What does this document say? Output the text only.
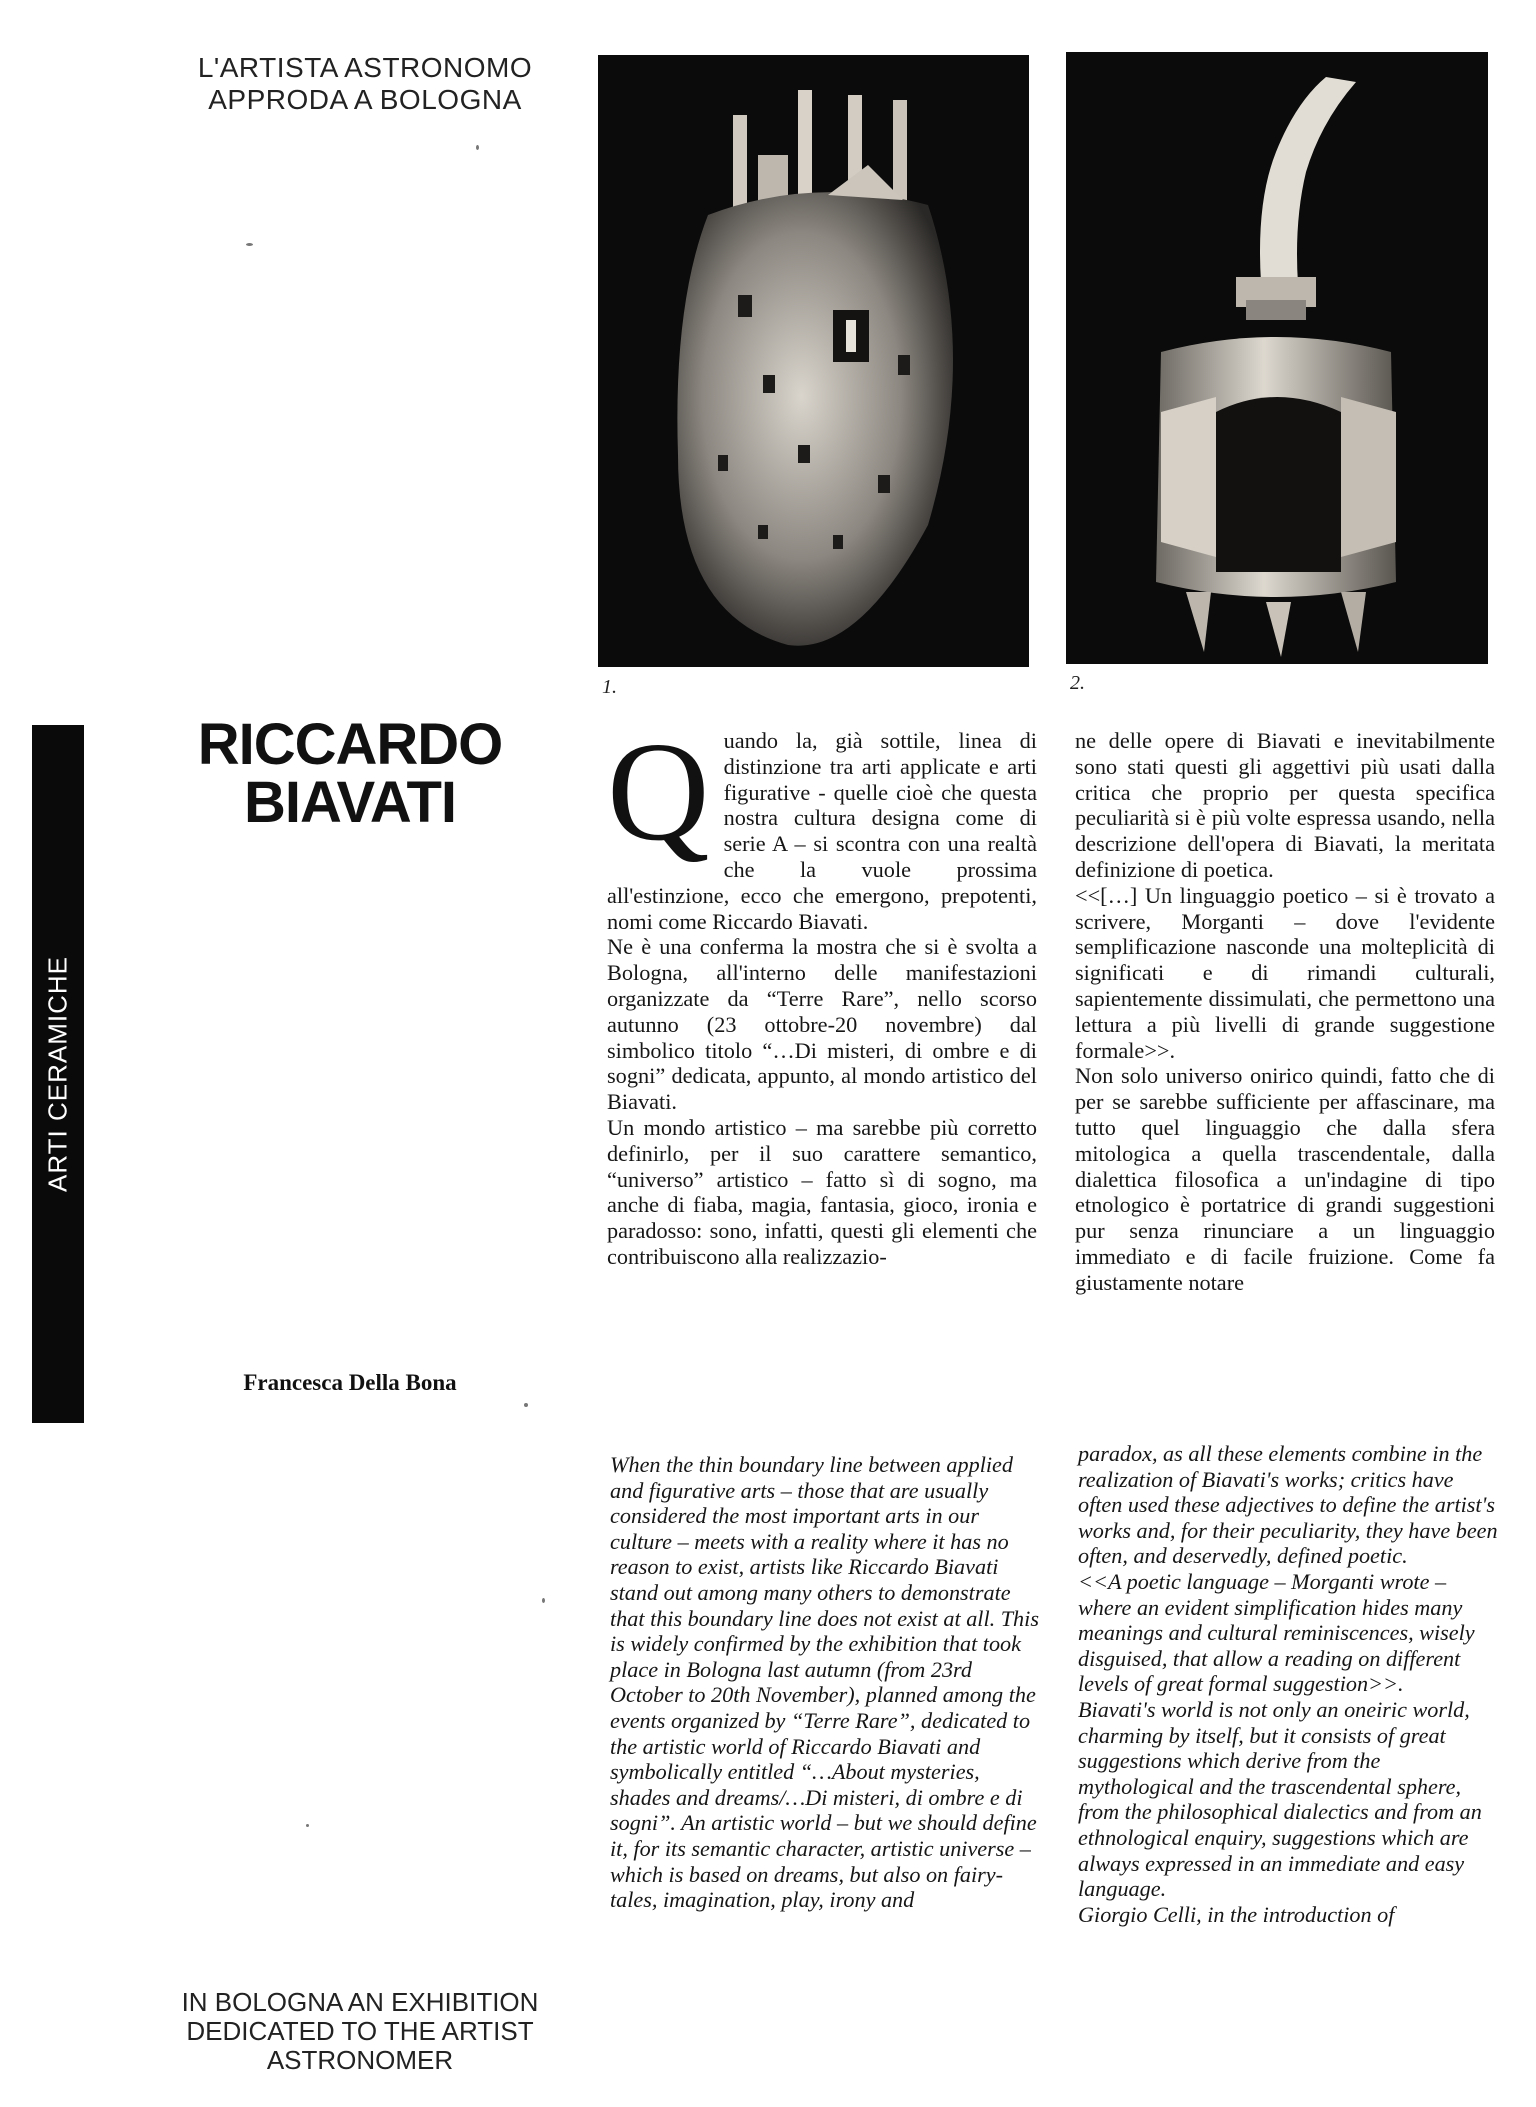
L'ARTISTA ASTRONOMO
APPRODA A BOLOGNA
1.	2.
ARTI CERAMICHE
RICCARDO
BIAVATI
Francesca Della Bona
Q uando la, già sottile, linea di distinzione tra arti applicate e arti figurative - quelle cioè che questa nostra cultura designa come di serie A – si scontra con una realtà che la vuole prossima all'estinzione, ecco che emergono, prepotenti, nomi come Riccardo Biavati.

Ne è una conferma la mostra che si è svolta a Bologna, all'interno delle manifestazioni organizzate da “Terre Rare”, nello scorso autunno (23 ottobre-20 novembre) dal simbolico titolo “…Di misteri, di ombre e di sogni” dedicata, appunto, al mondo artistico del Biavati.

Un mondo artistico – ma sarebbe più corretto definirlo, per il suo carattere semantico, “universo” artistico – fatto sì di sogno, ma anche di fiaba, magia, fantasia, gioco, ironia e paradosso: sono, infatti, questi gli elementi che contribuiscono alla realizzazio-

ne delle opere di Biavati e inevitabilmente sono stati questi gli aggettivi più usati dalla critica che proprio per questa specifica peculiarità si è più volte espressa usando, nella descrizione dell'opera di Biavati, la meritata definizione di poetica.

<<[…] Un linguaggio poetico – si è trovato a scrivere, Morganti – dove l'evidente semplificazione nasconde una molteplicità di significati e di rimandi culturali, sapientemente dissimulati, che permettono una lettura a più livelli di grande suggestione formale>>.

Non solo universo onirico quindi, fatto che di per se sarebbe sufficiente per affascinare, ma tutto quel linguaggio che dalla sfera mitologica a quella trascendentale, dalla dialettica filosofica a un'indagine di tipo etnologico è portatrice di grandi suggestioni pur senza rinunciare a un linguaggio immediato e di facile fruizione. Come fa giustamente notare

When the thin boundary line between applied and figurative arts – those that are usually considered the most important arts in our culture – meets with a reality where it has no reason to exist, artists like Riccardo Biavati stand out among many others to demonstrate that this boundary line does not exist at all. This is widely confirmed by the exhibition that took place in Bologna last autumn (from 23rd October to 20th November), planned among the events organized by “Terre Rare”, dedicated to the artistic world of Riccardo Biavati and symbolically entitled “…About mysteries, shades and dreams/…Di misteri, di ombre e di sogni”. An artistic world – but we should define it, for its semantic character, artistic universe – which is based on dreams, but also on fairy-tales, imagination, play, irony and

paradox, as all these elements combine in the realization of Biavati's works; critics have often used these adjectives to define the artist's works and, for their peculiarity, they have been often, and deservedly, defined poetic.

<<A poetic language – Morganti wrote – where an evident simplification hides many meanings and cultural reminiscences, wisely disguised, that allow a reading on different levels of great formal suggestion>>.

Biavati's world is not only an oneiric world, charming by itself, but it consists of great suggestions which derive from the mythological and the trascendental sphere, from the philosophical dialectics and from an ethnological enquiry, suggestions which are always expressed in an immediate and easy language.

Giorgio Celli, in the introduction of

IN BOLOGNA AN EXHIBITION
DEDICATED TO THE ARTIST
ASTRONOMER
